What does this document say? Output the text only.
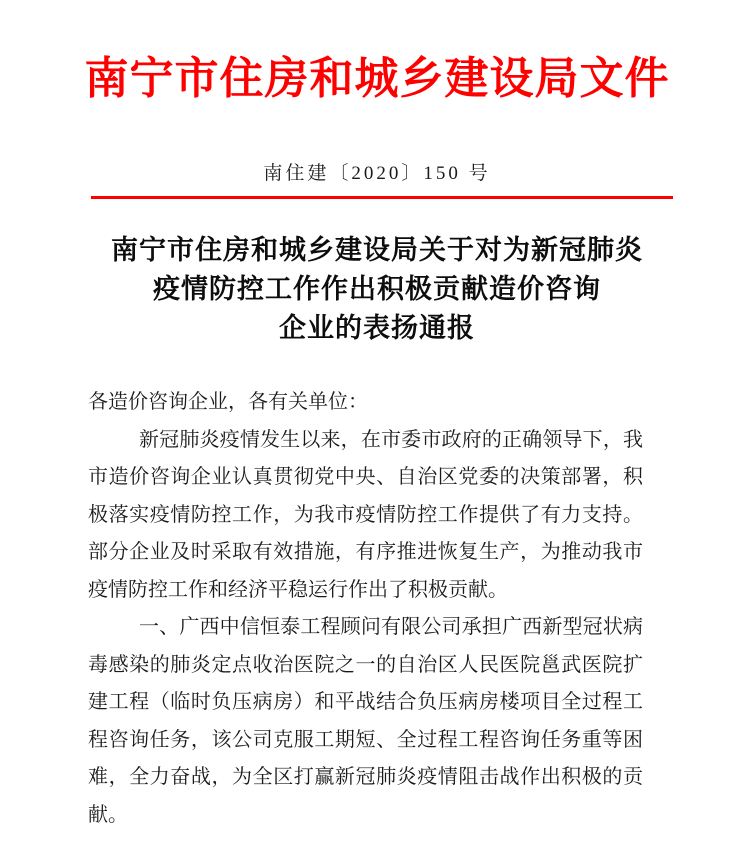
南宁市住房和城乡建设局文件
南住建〔2020〕150 号
南宁市住房和城乡建设局关于对为新冠肺炎
疫情防控工作作出积极贡献造价咨询
企业的表扬通报
各造价咨询企业，各有关单位：
新冠肺炎疫情发生以来，在市委市政府的正确领导下，我
市造价咨询企业认真贯彻党中央、自治区党委的决策部署，积
极落实疫情防控工作，为我市疫情防控工作提供了有力支持。
部分企业及时采取有效措施，有序推进恢复生产，为推动我市
疫情防控工作和经济平稳运行作出了积极贡献。
一、广西中信恒泰工程顾问有限公司承担广西新型冠状病
毒感染的肺炎定点收治医院之一的自治区人民医院邕武医院扩
建工程（临时负压病房）和平战结合负压病房楼项目全过程工
程咨询任务，该公司克服工期短、全过程工程咨询任务重等困
难，全力奋战，为全区打赢新冠肺炎疫情阻击战作出积极的贡
献。
